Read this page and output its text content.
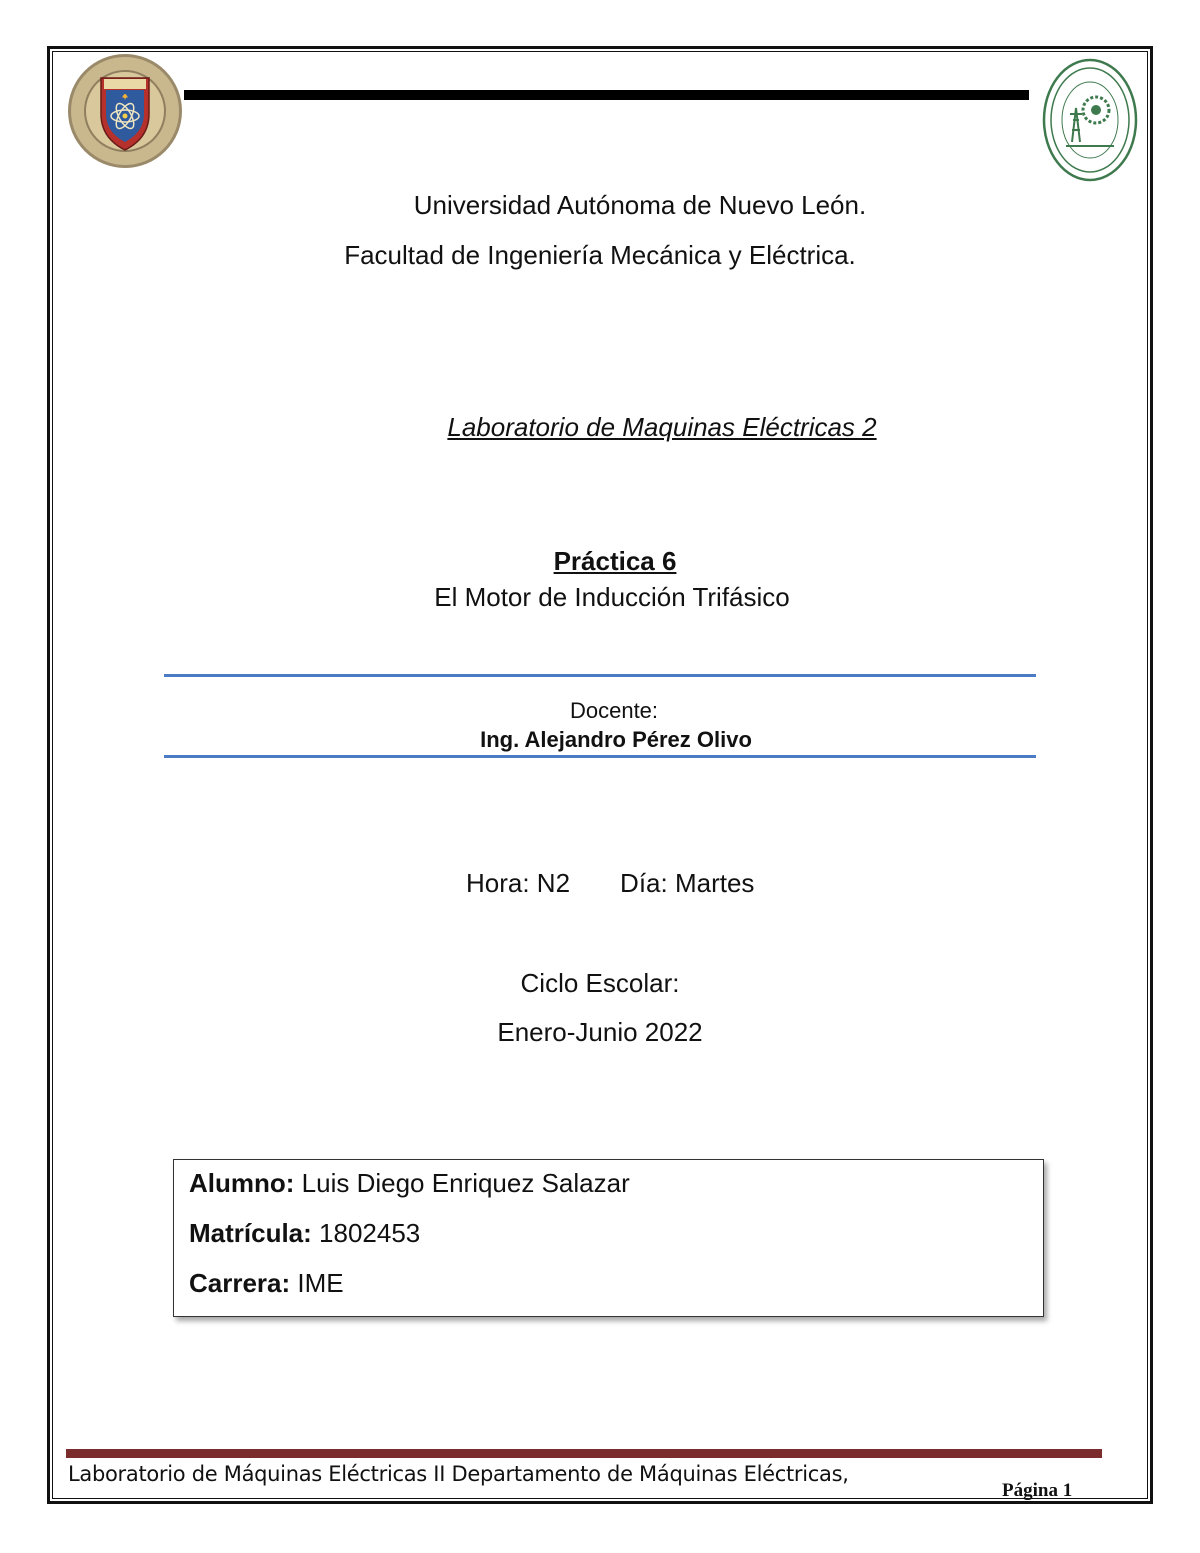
Universidad Autónoma de Nuevo León.
Facultad de Ingeniería Mecánica y Eléctrica.
Laboratorio de Maquinas Eléctricas 2
Práctica 6
El Motor de Inducción Trifásico
Docente:
Ing. Alejandro Pérez Olivo
Hora: N2 Día: Martes
Ciclo Escolar:
Enero-Junio 2022
Alumno: Luis Diego Enriquez Salazar
Matrícula: 1802453
Carrera: IME
Laboratorio de Máquinas Eléctricas II Departamento de Máquinas Eléctricas,
Página 1
